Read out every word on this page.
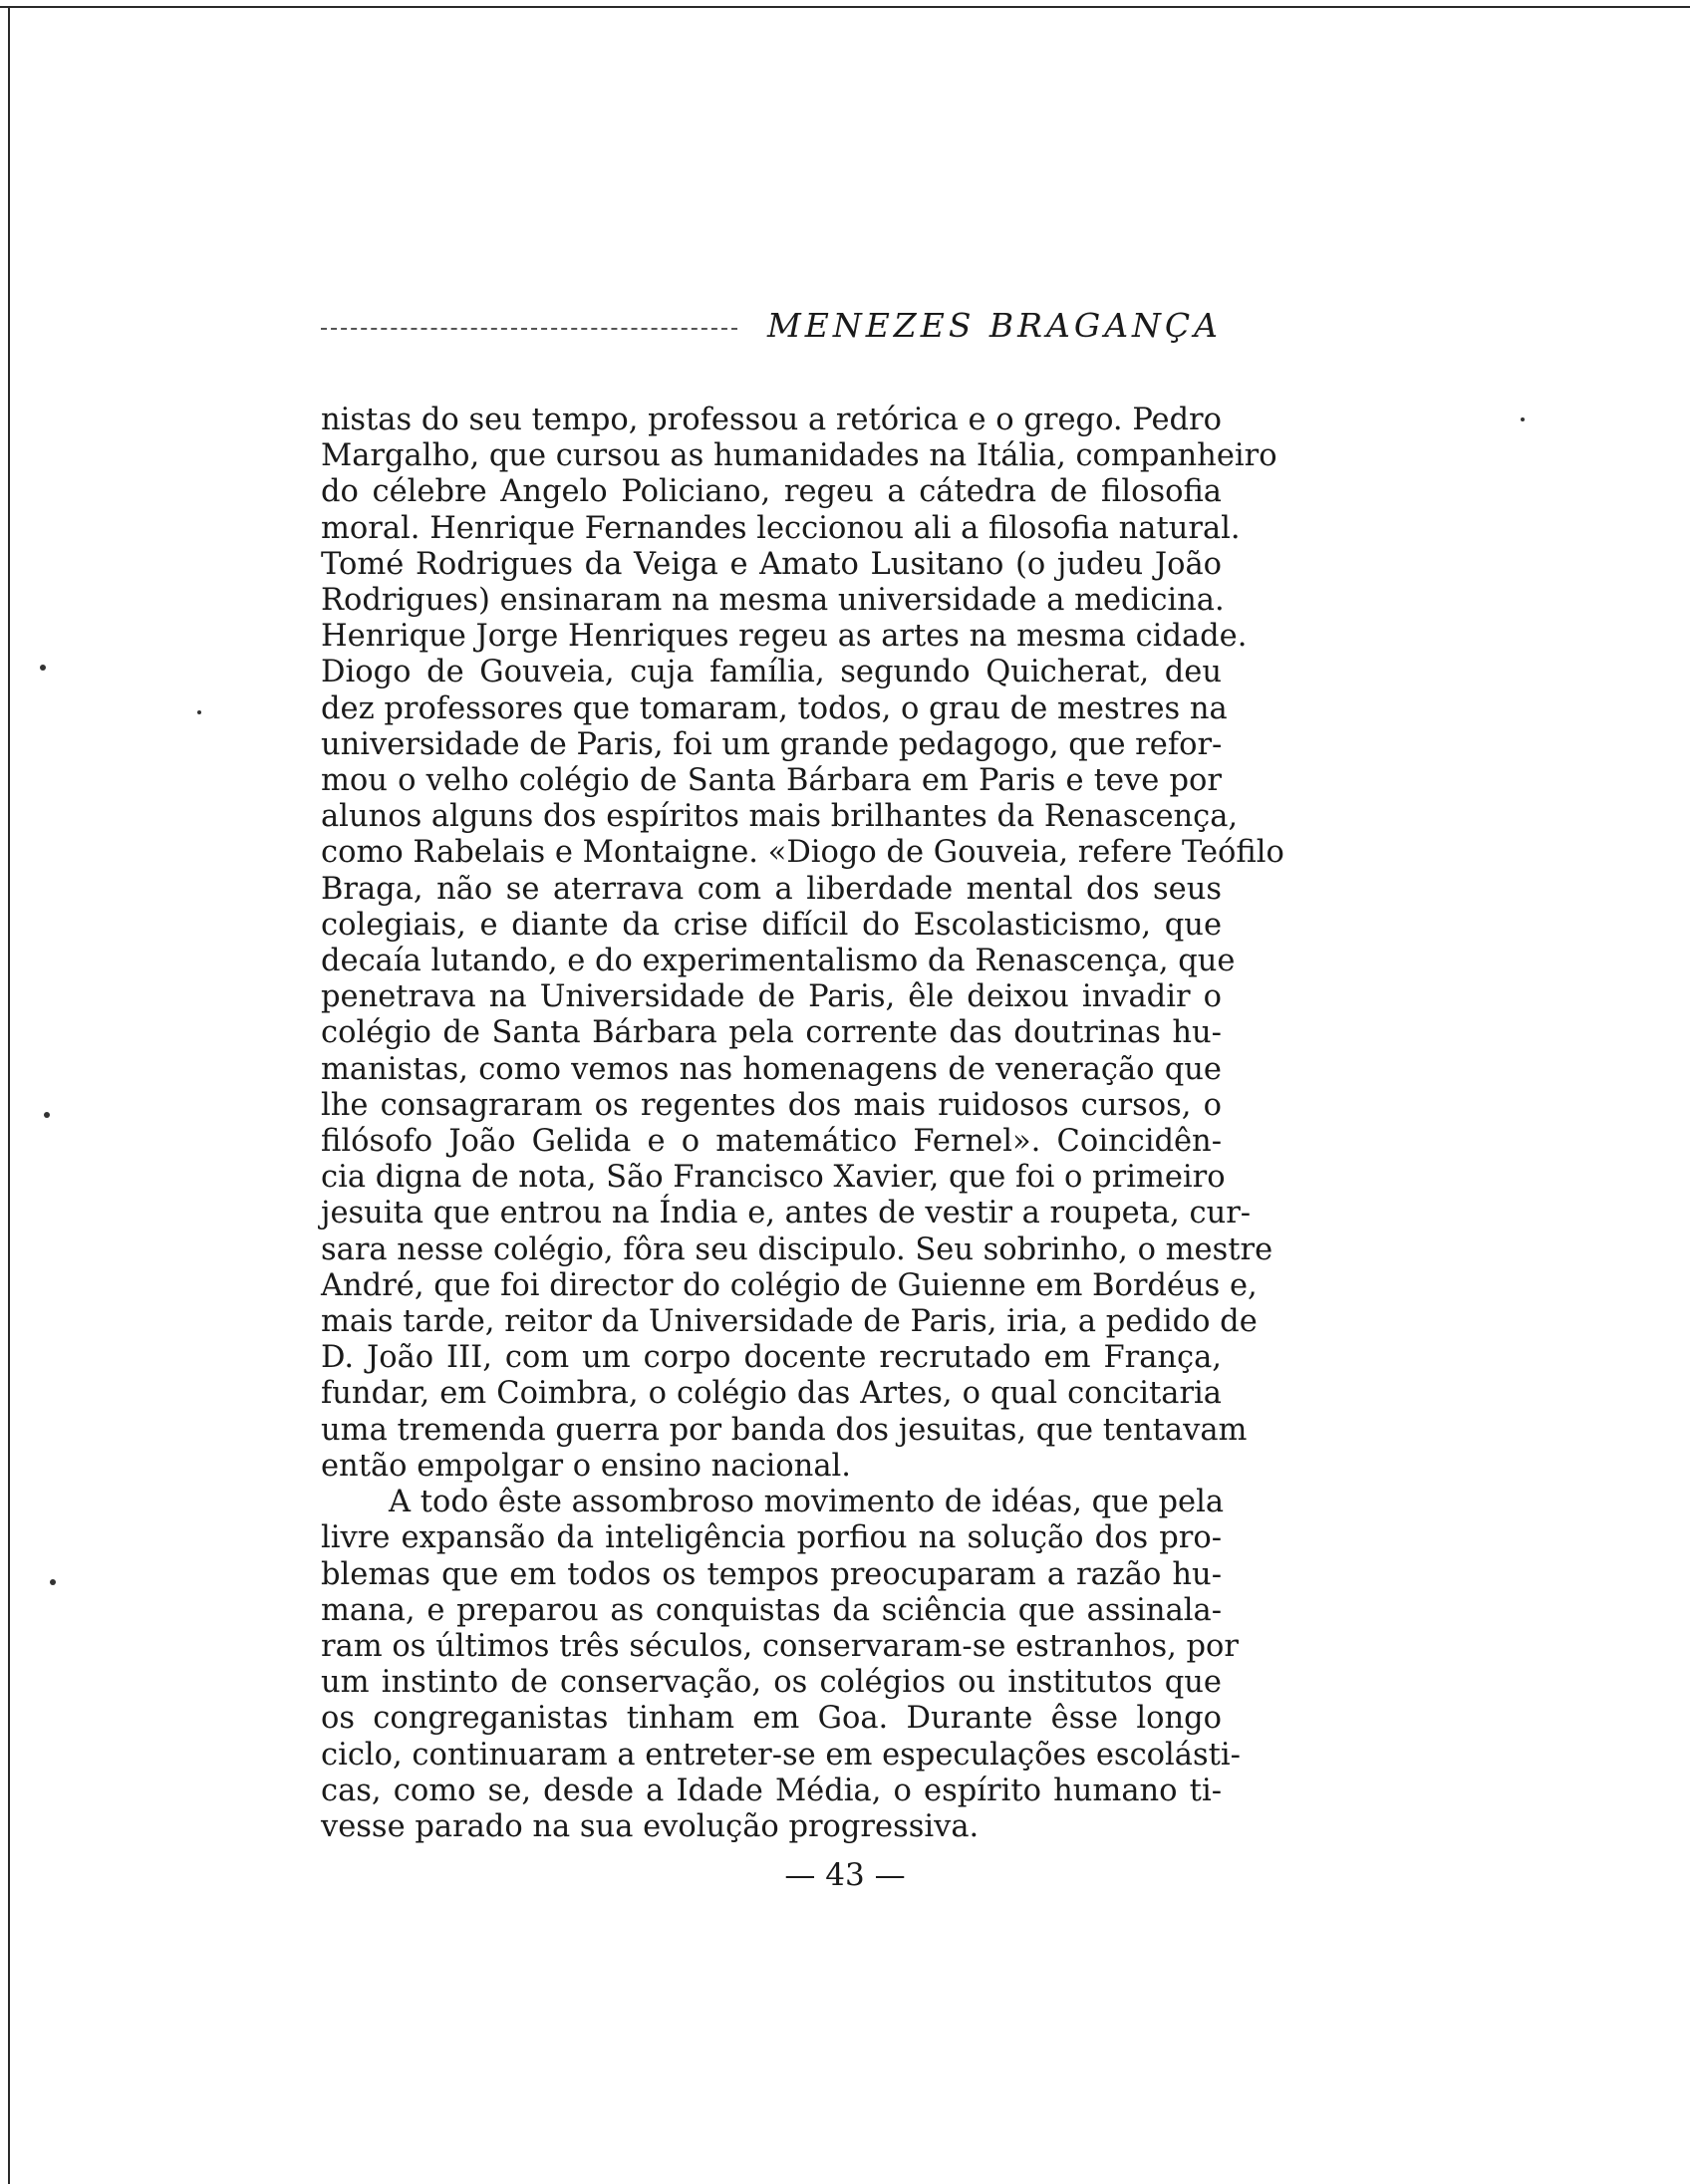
MENEZES BRAGANÇA

nistas do seu tempo, professou a retórica e o grego. Pedro
Margalho, que cursou as humanidades na Itália, companheiro
do célebre Angelo Policiano, regeu a cátedra de filosofia
moral. Henrique Fernandes leccionou ali a filosofia natural.
Tomé Rodrigues da Veiga e Amato Lusitano (o judeu João
Rodrigues) ensinaram na mesma universidade a medicina.
Henrique Jorge Henriques regeu as artes na mesma cidade.
Diogo de Gouveia, cuja família, segundo Quicherat, deu
dez professores que tomaram, todos, o grau de mestres na
universidade de Paris, foi um grande pedagogo, que refor-
mou o velho colégio de Santa Bárbara em Paris e teve por
alunos alguns dos espíritos mais brilhantes da Renascença,
como Rabelais e Montaigne. «Diogo de Gouveia, refere Teófilo
Braga, não se aterrava com a liberdade mental dos seus
colegiais, e diante da crise difícil do Escolasticismo, que
decaía lutando, e do experimentalismo da Renascença, que
penetrava na Universidade de Paris, êle deixou invadir o
colégio de Santa Bárbara pela corrente das doutrinas hu-
manistas, como vemos nas homenagens de veneração que
lhe consagraram os regentes dos mais ruidosos cursos, o
filósofo João Gelida e o matemático Fernel». Coincidên-
cia digna de nota, São Francisco Xavier, que foi o primeiro
jesuita que entrou na Índia e, antes de vestir a roupeta, cur-
sara nesse colégio, fôra seu discipulo. Seu sobrinho, o mestre
André, que foi director do colégio de Guienne em Bordéus e,
mais tarde, reitor da Universidade de Paris, iria, a pedido de
D. João III, com um corpo docente recrutado em França,
fundar, em Coimbra, o colégio das Artes, o qual concitaria
uma tremenda guerra por banda dos jesuitas, que tentavam
então empolgar o ensino nacional.

A todo êste assombroso movimento de idéas, que pela
livre expansão da inteligência porfiou na solução dos pro-
blemas que em todos os tempos preocuparam a razão hu-
mana, e preparou as conquistas da sciência que assinala-
ram os últimos três séculos, conservaram-se estranhos, por
um instinto de conservação, os colégios ou institutos que
os congreganistas tinham em Goa. Durante êsse longo
ciclo, continuaram a entreter-se em especulações escolásti-
cas, como se, desde a Idade Média, o espírito humano ti-
vesse parado na sua evolução progressiva.

— 43 —
